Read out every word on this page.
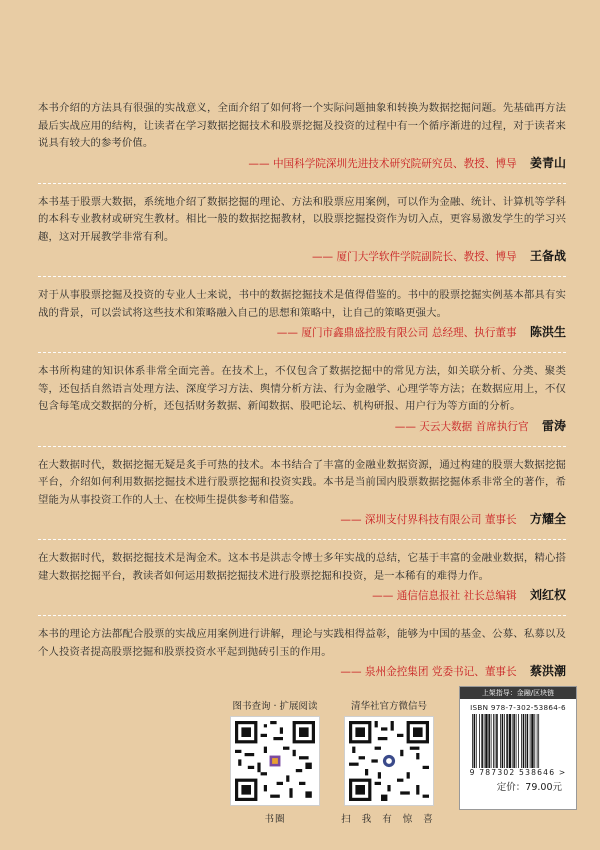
本书介绍的方法具有很强的实战意义，全面介绍了如何将一个实际问题抽象和转换为数据挖掘问题。先基础再方法最后实战应用的结构，让读者在学习数据挖掘技术和股票挖掘及投资的过程中有一个循序渐进的过程，对于读者来说具有较大的参考价值。

—— 中国科学院深圳先进技术研究院研究员、教授、博导 姜青山

本书基于股票大数据，系统地介绍了数据挖掘的理论、方法和股票应用案例，可以作为金融、统计、计算机等学科的本科专业教材或研究生教材。相比一般的数据挖掘教材，以股票挖掘投资作为切入点，更容易激发学生的学习兴趣，这对开展教学非常有利。

—— 厦门大学软件学院副院长、教授、博导 王备战

对于从事股票挖掘及投资的专业人士来说，书中的数据挖掘技术是值得借鉴的。书中的股票挖掘实例基本都具有实战的背景，可以尝试将这些技术和策略融入自己的思想和策略中，让自己的策略更强大。

—— 厦门市鑫鼎盛控股有限公司 总经理、执行董事 陈洪生

本书所构建的知识体系非常全面完善。在技术上，不仅包含了数据挖掘中的常见方法，如关联分析、分类、聚类等，还包括自然语言处理方法、深度学习方法、舆情分析方法、行为金融学、心理学等方法；在数据应用上，不仅包含每笔成交数据的分析，还包括财务数据、新闻数据、股吧论坛、机构研报、用户行为等方面的分析。

—— 天云大数据 首席执行官 雷涛

在大数据时代，数据挖掘无疑是炙手可热的技术。本书结合了丰富的金融业数据资源，通过构建的股票大数据挖掘平台，介绍如何利用数据挖掘技术进行股票挖掘和投资实践。本书是当前国内股票数据挖掘体系非常全的著作，希望能为从事投资工作的人士、在校师生提供参考和借鉴。

—— 深圳支付界科技有限公司 董事长 方耀全

在大数据时代，数据挖掘技术是淘金术。这本书是洪志令博士多年实战的总结，它基于丰富的金融业数据，精心搭建大数据挖掘平台，教读者如何运用数据挖掘技术进行股票挖掘和投资，是一本稀有的难得力作。

—— 通信信息报社 社长总编辑 刘红权

本书的理论方法都配合股票的实战应用案例进行讲解，理论与实践相得益彰，能够为中国的基金、公募、私募以及个人投资者提高股票挖掘和股票投资水平起到抛砖引玉的作用。

—— 泉州金控集团 党委书记、董事长 蔡洪潮
图书查询 · 扩展阅读
书圈
清华社官方微信号
扫 我 有 惊 喜
上架指导：金融/区块链
ISBN 978-7-302-53864-6
9 787302 538646 >
定价：79.00元
